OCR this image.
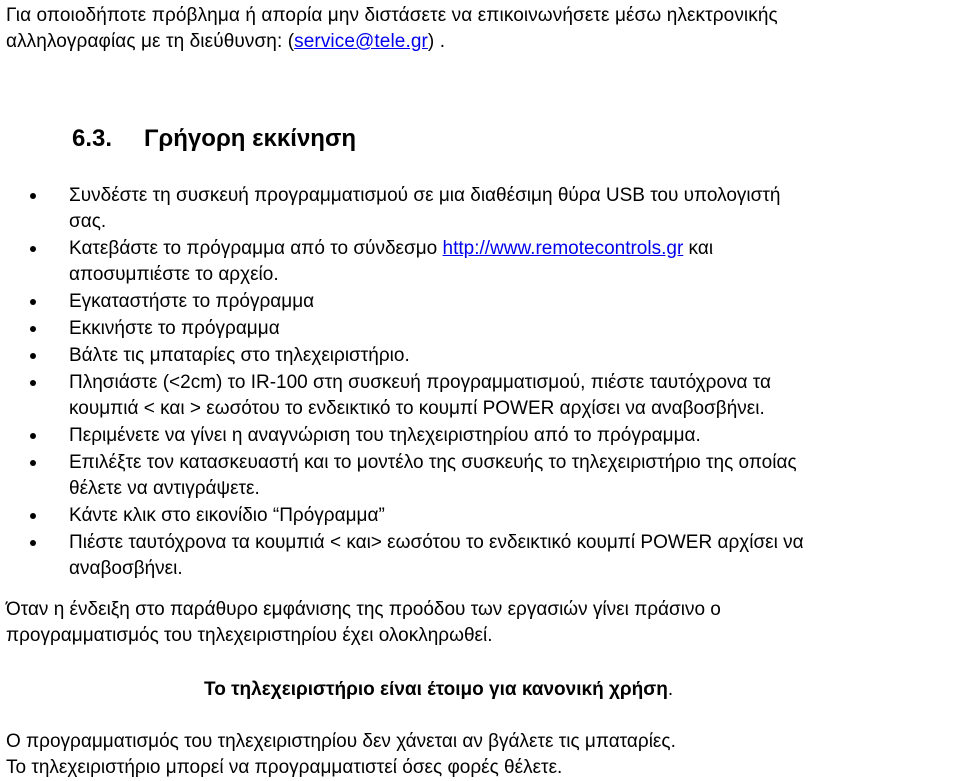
Για οποιοδήποτε πρόβλημα ή απορία μην διστάσετε να επικοινωνήσετε μέσω ηλεκτρονικής
αλληλογραφίας με τη διεύθυνση: (service@tele.gr) .

6.3. Γρήγορη εκκίνηση
Συνδέστε τη συσκευή προγραμματισμού σε μια διαθέσιμη θύρα USB του υπολογιστή
σας.
Κατεβάστε το πρόγραμμα από το σύνδεσμο http://www.remotecontrols.gr και
αποσυμπιέστε το αρχείο.
Εγκαταστήστε το πρόγραμμα
Εκκινήστε το πρόγραμμα
Βάλτε τις μπαταρίες στο τηλεχειριστήριο.
Πλησιάστε (<2cm) το IR-100 στη συσκευή προγραμματισμού, πιέστε ταυτόχρονα τα
κουμπιά < και > εωσότου το ενδεικτικό το κουμπί POWER αρχίσει να αναβοσβήνει.
Περιμένετε να γίνει η αναγνώριση του τηλεχειριστηρίου από το πρόγραμμα.
Επιλέξτε τον κατασκευαστή και το μοντέλο της συσκευής το τηλεχειριστήριο της οποίας
θέλετε να αντιγράψετε.
Κάντε κλικ στο εικονίδιο “Πρόγραμμα”
Πιέστε ταυτόχρονα τα κουμπιά < και> εωσότου το ενδεικτικό κουμπί POWER αρχίσει να
αναβοσβήνει.

Όταν η ένδειξη στο παράθυρο εμφάνισης της προόδου των εργασιών γίνει πράσινο ο
προγραμματισμός του τηλεχειριστηρίου έχει ολοκληρωθεί.

Το τηλεχειριστήριο είναι έτοιμο για κανονική χρήση.

Ο προγραμματισμός του τηλεχειριστηρίου δεν χάνεται αν βγάλετε τις μπαταρίες.
Το τηλεχειριστήριο μπορεί να προγραμματιστεί όσες φορές θέλετε.
